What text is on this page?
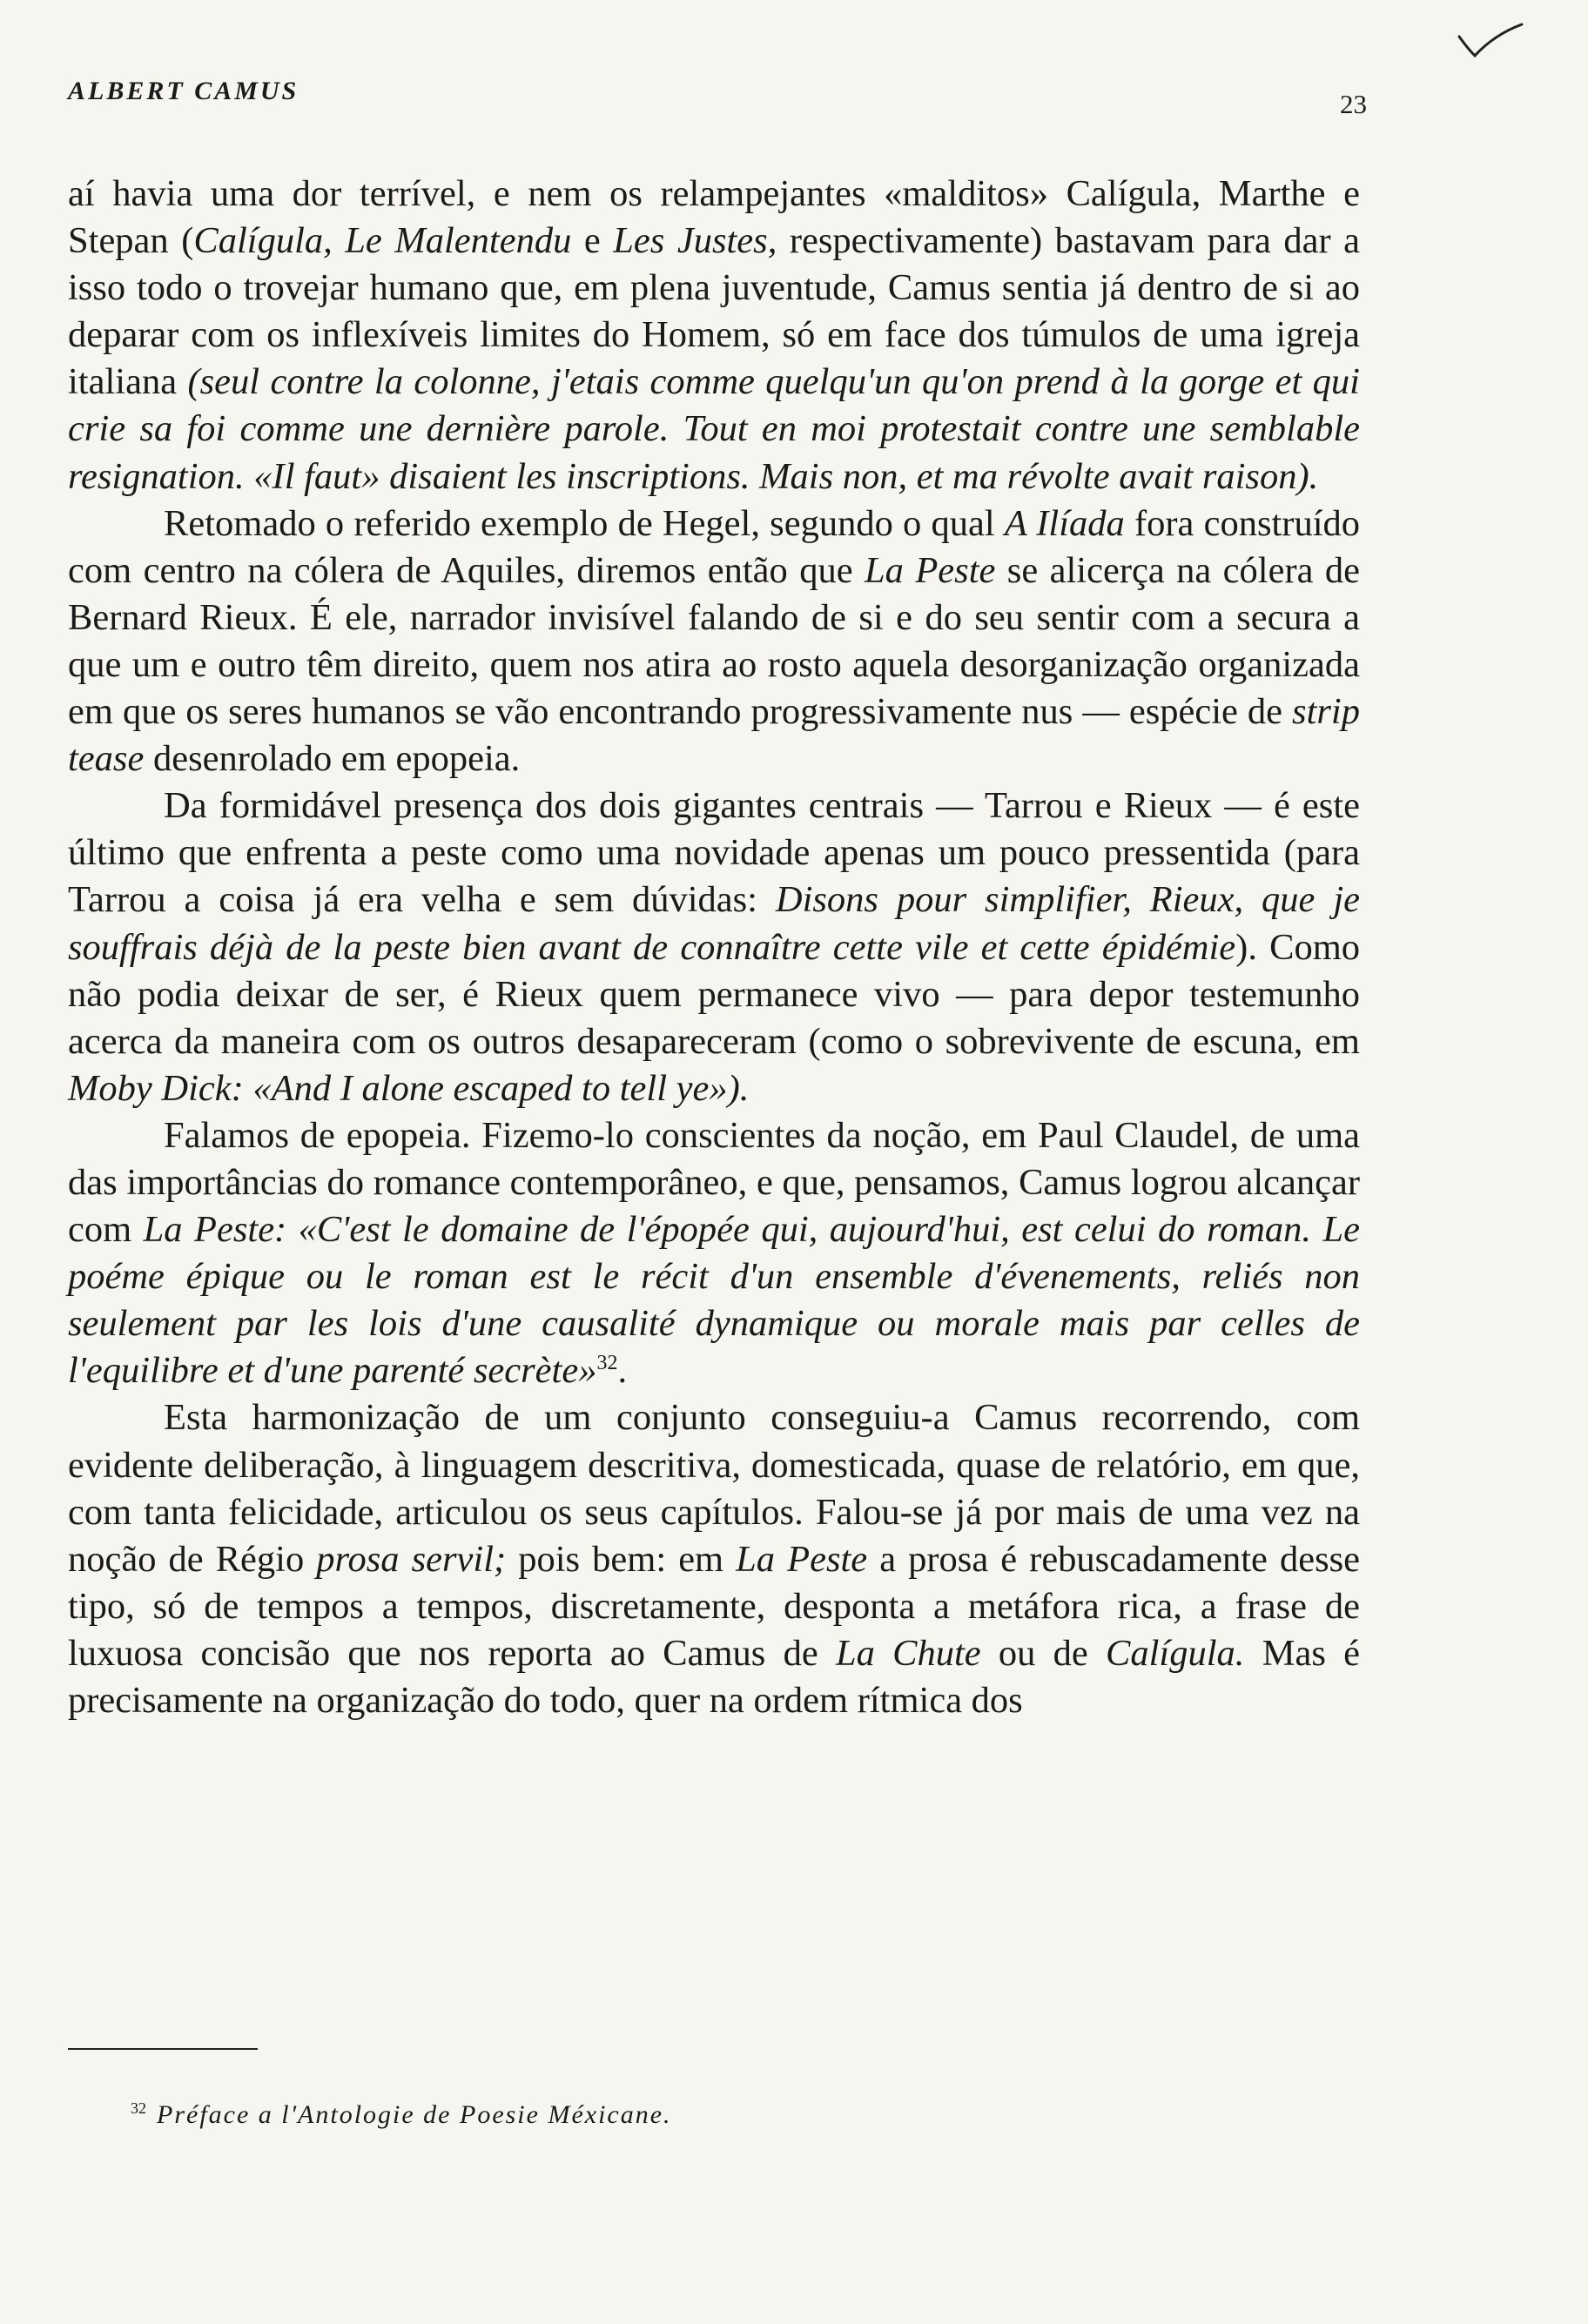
ALBERT CAMUS	23

aí havia uma dor terrível, e nem os relampejantes «malditos» Calígula, Marthe e Stepan (Calígula, Le Malentendu e Les Justes, respectivamente) bastavam para dar a isso todo o trovejar humano que, em plena juventude, Camus sentia já dentro de si ao deparar com os inflexíveis limites do Homem, só em face dos túmulos de uma igreja italiana (seul contre la colonne, j'etais comme quelqu'un qu'on prend à la gorge et qui crie sa foi comme une dernière parole. Tout en moi protestait contre une semblable resignation. «Il faut» disaient les inscriptions. Mais non, et ma révolte avait raison).

Retomado o referido exemplo de Hegel, segundo o qual A Ilíada fora construído com centro na cólera de Aquiles, diremos então que La Peste se alicerça na cólera de Bernard Rieux. É ele, narrador invisível falando de si e do seu sentir com a secura a que um e outro têm direito, quem nos atira ao rosto aquela desorganização organizada em que os seres humanos se vão encontrando progressivamente nus — espécie de strip tease desenrolado em epopeia.

Da formidável presença dos dois gigantes centrais — Tarrou e Rieux — é este último que enfrenta a peste como uma novidade apenas um pouco pressentida (para Tarrou a coisa já era velha e sem dúvidas: Disons pour simplifier, Rieux, que je souffrais déjà de la peste bien avant de connaître cette vile et cette épidémie). Como não podia deixar de ser, é Rieux quem permanece vivo — para depor testemunho acerca da maneira com os outros desapareceram (como o sobrevivente de escuna, em Moby Dick: «And I alone escaped to tell ye»).

Falamos de epopeia. Fizemo-lo conscientes da noção, em Paul Claudel, de uma das importâncias do romance contemporâneo, e que, pensamos, Camus logrou alcançar com La Peste: «C'est le domaine de l'épopée qui, aujourd'hui, est celui do roman. Le poéme épique ou le roman est le récit d'un ensemble d'évenements, reliés non seulement par les lois d'une causalité dynamique ou morale mais par celles de l'equilibre et d'une parenté secrète»$^{32}$.

Esta harmonização de um conjunto conseguiu-a Camus recorrendo, com evidente deliberação, à linguagem descritiva, domesticada, quase de relatório, em que, com tanta felicidade, articulou os seus capítulos. Falou-se já por mais de uma vez na noção de Régio prosa servil; pois bem: em La Peste a prosa é rebuscadamente desse tipo, só de tempos a tempos, discretamente, desponta a metáfora rica, a frase de luxuosa concisão que nos reporta ao Camus de La Chute ou de Calígula. Mas é precisamente na organização do todo, quer na ordem rítmica dos

$^{32}$ Préface a l'Antologie de Poesie Méxicane.
